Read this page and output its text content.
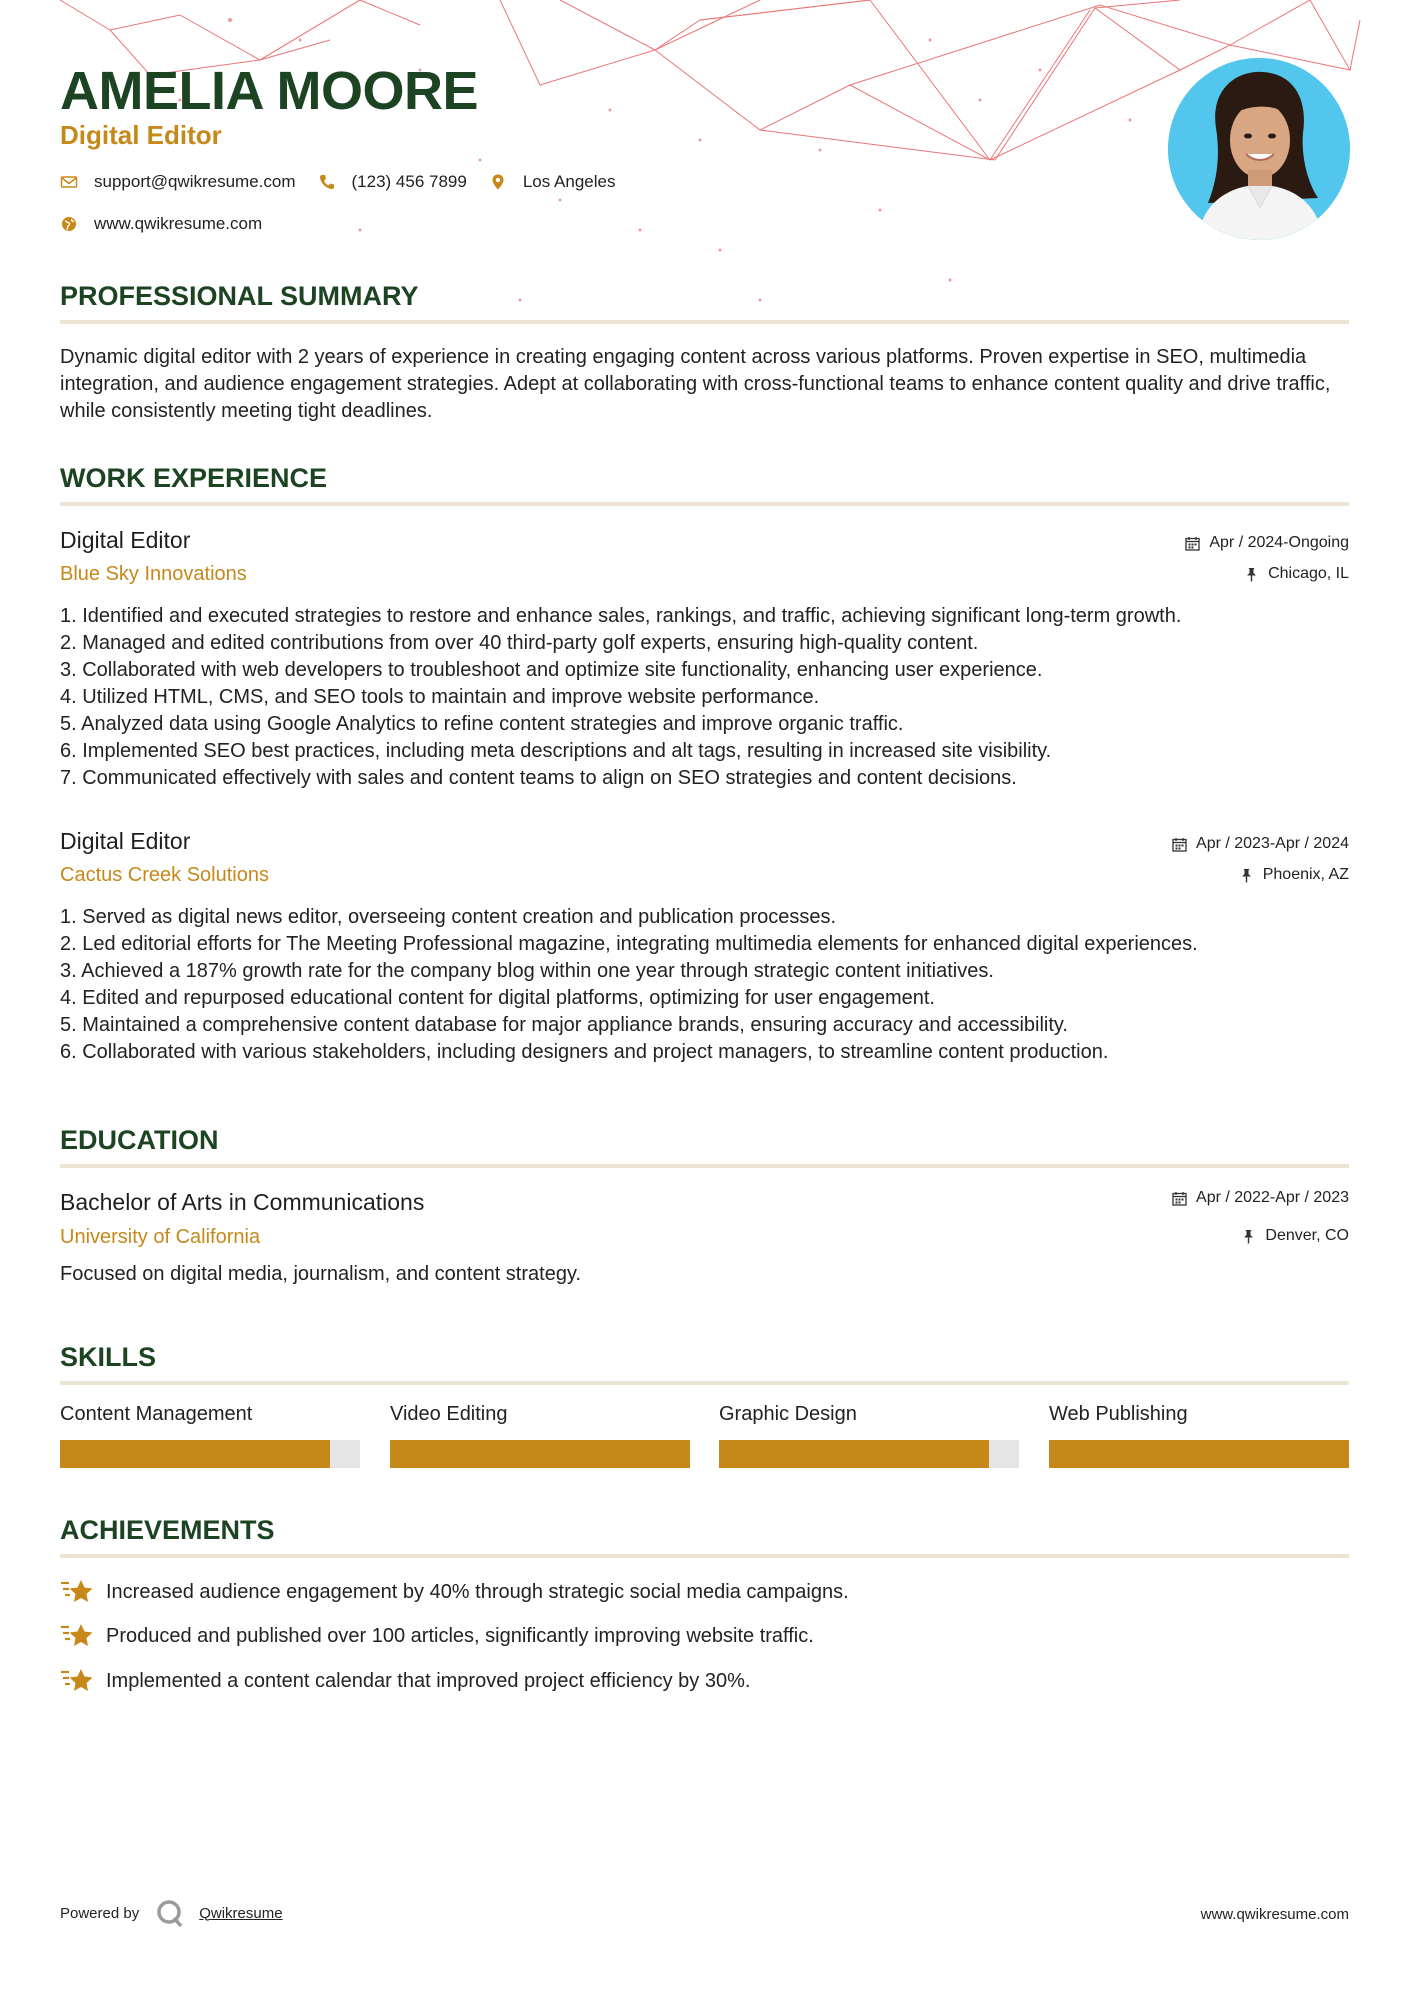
AMELIA MOORE
Digital Editor
support@qwikresume.com	(123) 456 7899	Los Angeles
www.qwikresume.com
PROFESSIONAL SUMMARY

Dynamic digital editor with 2 years of experience in creating engaging content across various platforms. Proven expertise in SEO, multimedia integration, and audience engagement strategies. Adept at collaborating with cross-functional teams to enhance content quality and drive traffic, while consistently meeting tight deadlines.

WORK EXPERIENCE
Digital Editor
Blue Sky Innovations
Apr / 2024-Ongoing
Chicago, IL
1. Identified and executed strategies to restore and enhance sales, rankings, and traffic, achieving significant long-term growth.
2. Managed and edited contributions from over 40 third-party golf experts, ensuring high-quality content.
3. Collaborated with web developers to troubleshoot and optimize site functionality, enhancing user experience.
4. Utilized HTML, CMS, and SEO tools to maintain and improve website performance.
5. Analyzed data using Google Analytics to refine content strategies and improve organic traffic.
6. Implemented SEO best practices, including meta descriptions and alt tags, resulting in increased site visibility.
7. Communicated effectively with sales and content teams to align on SEO strategies and content decisions.
Digital Editor
Cactus Creek Solutions
Apr / 2023-Apr / 2024
Phoenix, AZ
1. Served as digital news editor, overseeing content creation and publication processes.
2. Led editorial efforts for The Meeting Professional magazine, integrating multimedia elements for enhanced digital experiences.
3. Achieved a 187% growth rate for the company blog within one year through strategic content initiatives.
4. Edited and repurposed educational content for digital platforms, optimizing for user engagement.
5. Maintained a comprehensive content database for major appliance brands, ensuring accuracy and accessibility.
6. Collaborated with various stakeholders, including designers and project managers, to streamline content production.
EDUCATION
Bachelor of Arts in Communications
University of California
Apr / 2022-Apr / 2023
Denver, CO

Focused on digital media, journalism, and content strategy.

SKILLS
Content Management	Video Editing	Graphic Design	Web Publishing
ACHIEVEMENTS
Increased audience engagement by 40% through strategic social media campaigns.
Produced and published over 100 articles, significantly improving website traffic.
Implemented a content calendar that improved project efficiency by 30%.
Powered by	Qwikresume	www.qwikresume.com
